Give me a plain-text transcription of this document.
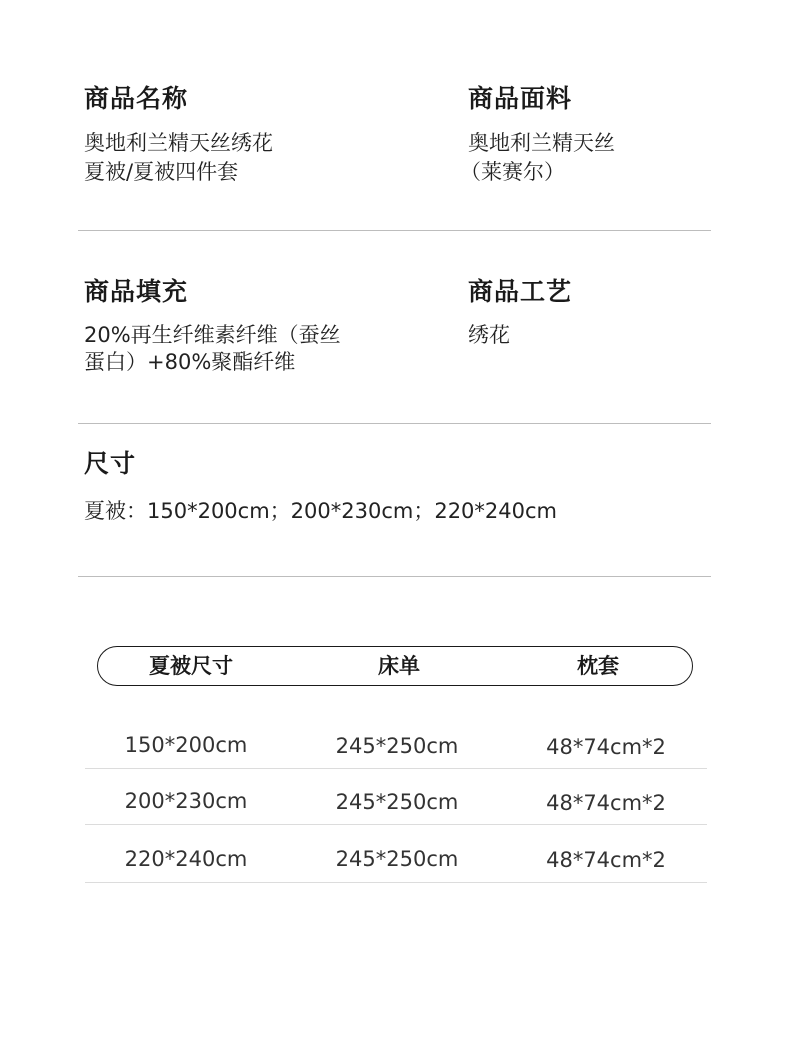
商品名称
奥地利兰精天丝绣花
夏被/夏被四件套
商品面料
奥地利兰精天丝
（莱赛尔）
商品填充
20%再生纤维素纤维（蚕丝
蛋白）+80%聚酯纤维
商品工艺
绣花
尺寸
夏被：150*200cm；200*230cm；220*240cm
夏被尺寸	床单	枕套
150*200cm	245*250cm	48*74cm*2
200*230cm	245*250cm	48*74cm*2
220*240cm	245*250cm	48*74cm*2
